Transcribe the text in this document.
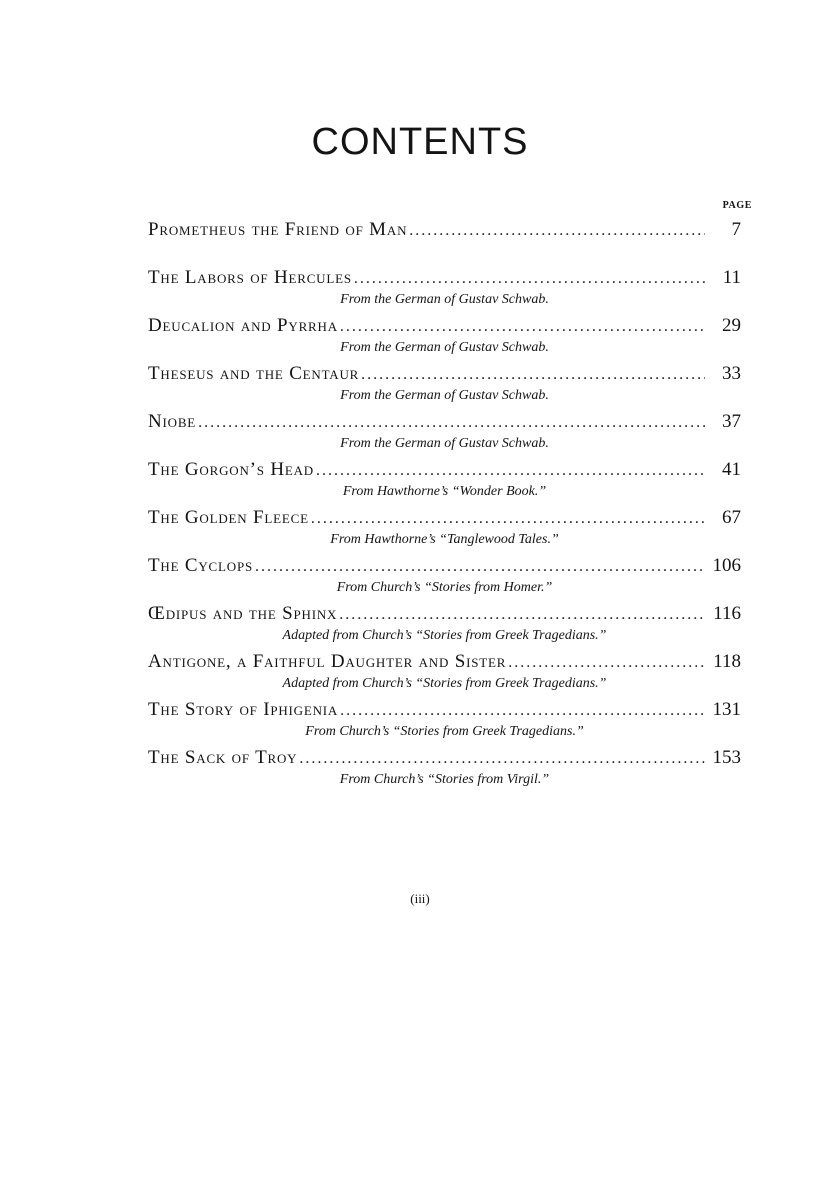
CONTENTS
PAGE
Prometheus the Friend of Man . . .	7
The Labors of Hercules . . .	11
From the German of Gustav Schwab.
Deucalion and Pyrrha . . .	29
From the German of Gustav Schwab.
Theseus and the Centaur . . .	33
From the German of Gustav Schwab.
Niobe . . .	37
From the German of Gustav Schwab.
The Gorgon’s Head . . .	41
From Hawthorne’s “Wonder Book.”
The Golden Fleece . . .	67
From Hawthorne’s “Tanglewood Tales.”
The Cyclops . . .	106
From Church’s “Stories from Homer.”
Œdipus and the Sphinx . . .	116
Adapted from Church’s “Stories from Greek Tragedians.”
Antigone, a Faithful Daughter and Sister . . .	118
Adapted from Church’s “Stories from Greek Tragedians.”
The Story of Iphigenia . . .	131
From Church’s “Stories from Greek Tragedians.”
The Sack of Troy . . .	153
From Church’s “Stories from Virgil.”
(iii)
